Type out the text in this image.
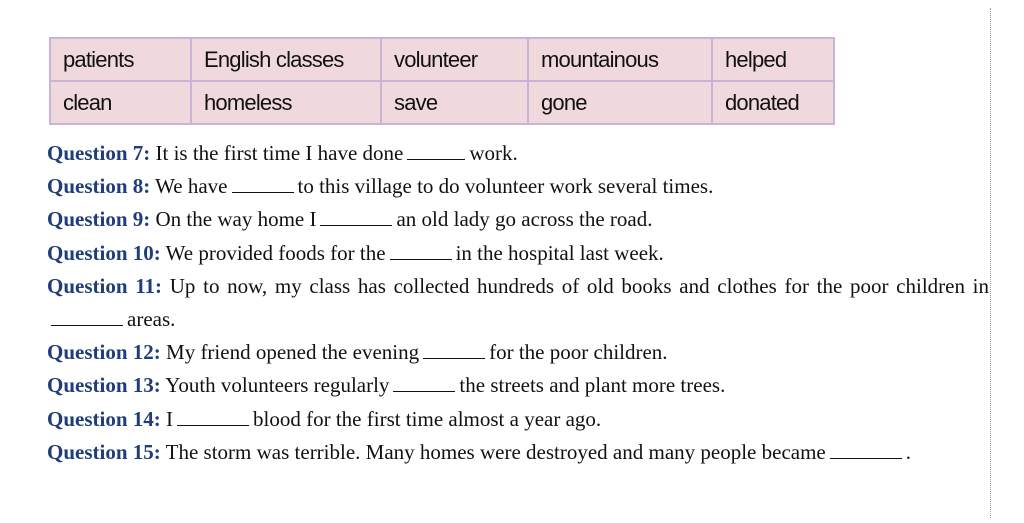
patients	English classes	volunteer	mountainous	helped
clean	homeless	save	gone	donated

Question 7: It is the first time I have done	work.

Question 8: We have	to this village to do volunteer work several times.

Question 9: On the way home I	an old lady go across the road.

Question 10: We provided foods for the	in the hospital last week.

Question 11: Up to now, my class has collected hundreds of old books and clothes for the poor children inareas.

Question 12: My friend opened the evening	for the poor children.

Question 13: Youth volunteers regularly	the streets and plant more trees.

Question 14: I	blood for the first time almost a year ago.

Question 15: The storm was terrible. Many homes were destroyed and many people became	.
